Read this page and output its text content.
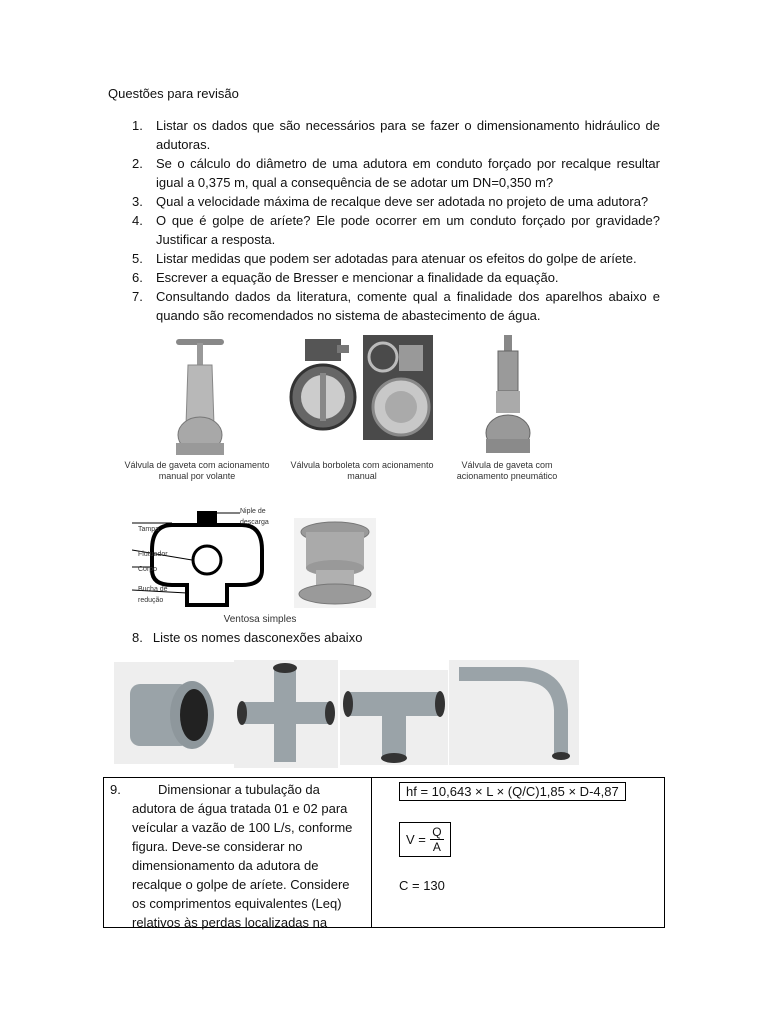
Questões para revisão
1. Listar os dados que são necessários para se fazer o dimensionamento hidráulico de adutoras.
2. Se o cálculo do diâmetro de uma adutora em conduto forçado por recalque resultar igual a 0,375 m, qual a consequência de se adotar um DN=0,350 m?
3. Qual a velocidade máxima de recalque deve ser adotada no projeto de uma adutora?
4. O que é golpe de aríete? Ele pode ocorrer em um conduto forçado por gravidade? Justificar a resposta.
5. Listar medidas que podem ser adotadas para atenuar os efeitos do golpe de aríete.
6. Escrever a equação de Bresser e mencionar a finalidade da equação.
7. Consultando dados da literatura, comente qual a finalidade dos aparelhos abaixo e quando são recomendados no sistema de abastecimento de água.
Válvula de gaveta com acionamento manual por volante
Válvula borboleta com acionamento manual
Válvula de gaveta com acionamento pneumático
Niple de descarga
Tampa
Flutuador
Corpo
Bucha de redução
Ventosa simples
8. Liste os nomes dasconexões abaixo
9.	Dimensionar a tubulação da adutora de água tratada 01 e 02 para veícular a vazão de 100 L/s, conforme figura. Deve-se considerar no dimensionamento da adutora de recalque o golpe de aríete. Considere os comprimentos equivalentes (Leq) relativos às perdas localizadas na
hf = 10,643 × L × (Q/C)1,85 × D-4,87
$V = \frac{Q}{A}$
C = 130
